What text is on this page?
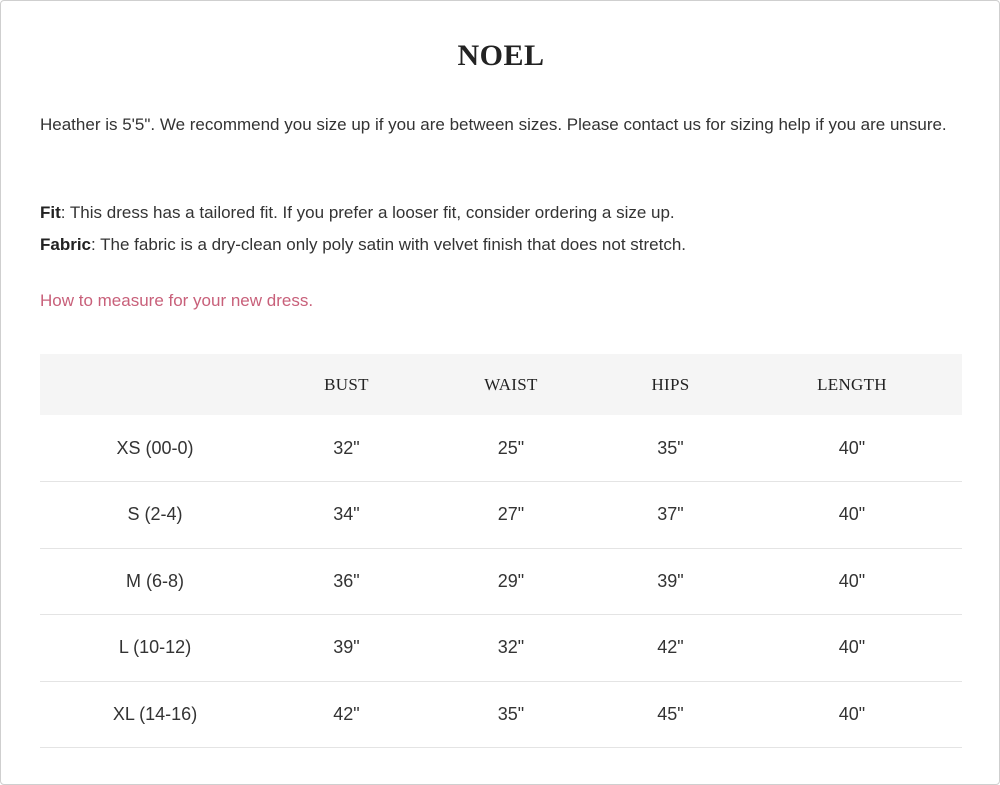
NOEL

Heather is 5'5". We recommend you size up if you are between sizes. Please contact us for sizing help if you are unsure.

Fit: This dress has a tailored fit. If you prefer a looser fit, consider ordering a size up.
Fabric: The fabric is a dry-clean only poly satin with velvet finish that does not stretch.
How to measure for your new dress.
	BUST	WAIST	HIPS	LENGTH
XS (00-0)	32"	25"	35"	40"
S (2-4)	34"	27"	37"	40"
M (6-8)	36"	29"	39"	40"
L (10-12)	39"	32"	42"	40"
XL (14-16)	42"	35"	45"	40"
